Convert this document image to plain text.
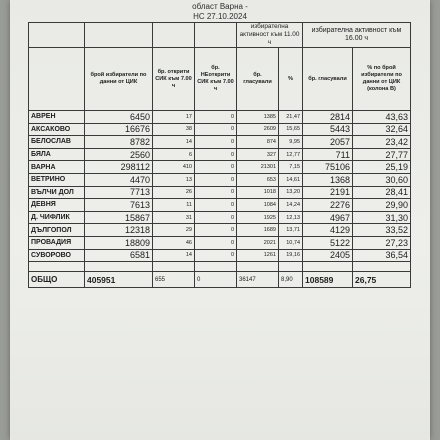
област Варна -
НС 27.10.2024
				избирателна активност към 11.00 ч		избирателна активност към 16.00 ч	
	брой избиратели по данни от ЦИК	бр. открити СИК към 7.00 ч	бр. НЕоткрити СИК към 7.00 ч	бр. гласували	%	бр. гласували	% по брой избиратели по данни от ЦИК (колона В)
АВРЕН	6450	17	0	1385	21,47	2814	43,63
АКСАКОВО	16676	38	0	2609	15,65	5443	32,64
БЕЛОСЛАВ	8782	14	0	874	9,95	2057	23,42
БЯЛА	2560	6	0	327	12,77	711	27,77
ВАРНА	298112	410	0	21301	7,15	75106	25,19
ВЕТРИНО	4470	13	0	653	14,61	1368	30,60
ВЪЛЧИ ДОЛ	7713	26	0	1018	13,20	2191	28,41
ДЕВНЯ	7613	11	0	1084	14,24	2276	29,90
Д. ЧИФЛИК	15867	31	0	1925	12,13	4967	31,30
ДЪЛГОПОЛ	12318	29	0	1689	13,71	4129	33,52
ПРОВАДИЯ	18809	46	0	2021	10,74	5122	27,23
СУВОРОВО	6581	14	0	1261	19,16	2405	36,54

ОБЩО	405951	655	0	36147	8,90	108589	26,75
